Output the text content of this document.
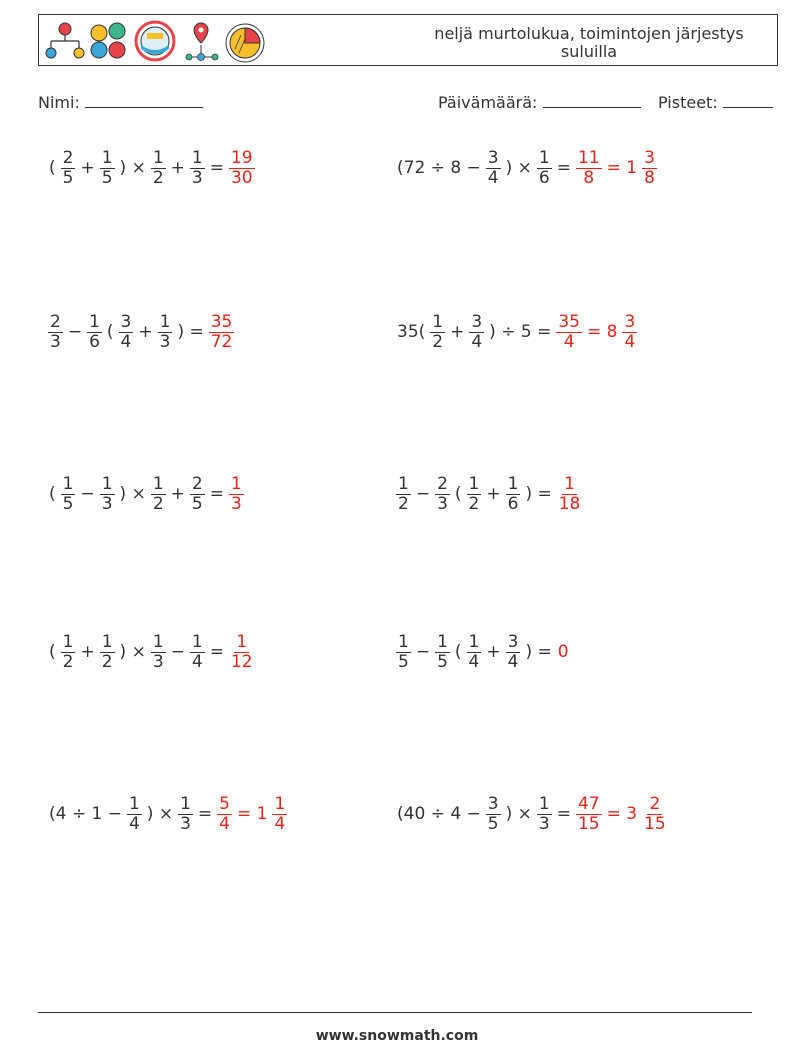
neljä murtolukua, toimintojen järjestys
suluilla
Nimi:	Päivämäärä:	Pisteet:
( $\frac{2}{5} + \frac{1}{5}$ ) × $\frac{1}{2} + \frac{1}{3} = \frac{19}{30}$	($72 \div 8 - \frac{3}{4}$ ) × $\frac{1}{6} = \frac{11}{8} = 1 \frac{3}{8}$
$\frac{2}{3} - \frac{1}{6}$ ( $\frac{3}{4} + \frac{1}{3}$ ) = $\frac{35}{72}$	$35( \frac{1}{2} + \frac{3}{4}$ ) ÷ $5 = \frac{35}{4} = 8 \frac{3}{4}$
( $\frac{1}{5} - \frac{1}{3}$ ) × $\frac{1}{2} + \frac{2}{5} = \frac{1}{3}$	$\frac{1}{2} - \frac{2}{3}$ ( $\frac{1}{2} + \frac{1}{6}$ ) = $\frac{1}{18}$
( $\frac{1}{2} + \frac{1}{2}$ ) × $\frac{1}{3} - \frac{1}{4} = \frac{1}{12}$	$\frac{1}{5} - \frac{1}{5}$ ( $\frac{1}{4} + \frac{3}{4}$ ) = 0
($4 \div 1 - \frac{1}{4}$ ) × $\frac{1}{3} = \frac{5}{4} = 1 \frac{1}{4}$	($40 \div 4 - \frac{3}{5}$ ) × $\frac{1}{3} = \frac{47}{15} = 3 \frac{2}{15}$
www.snowmath.com
